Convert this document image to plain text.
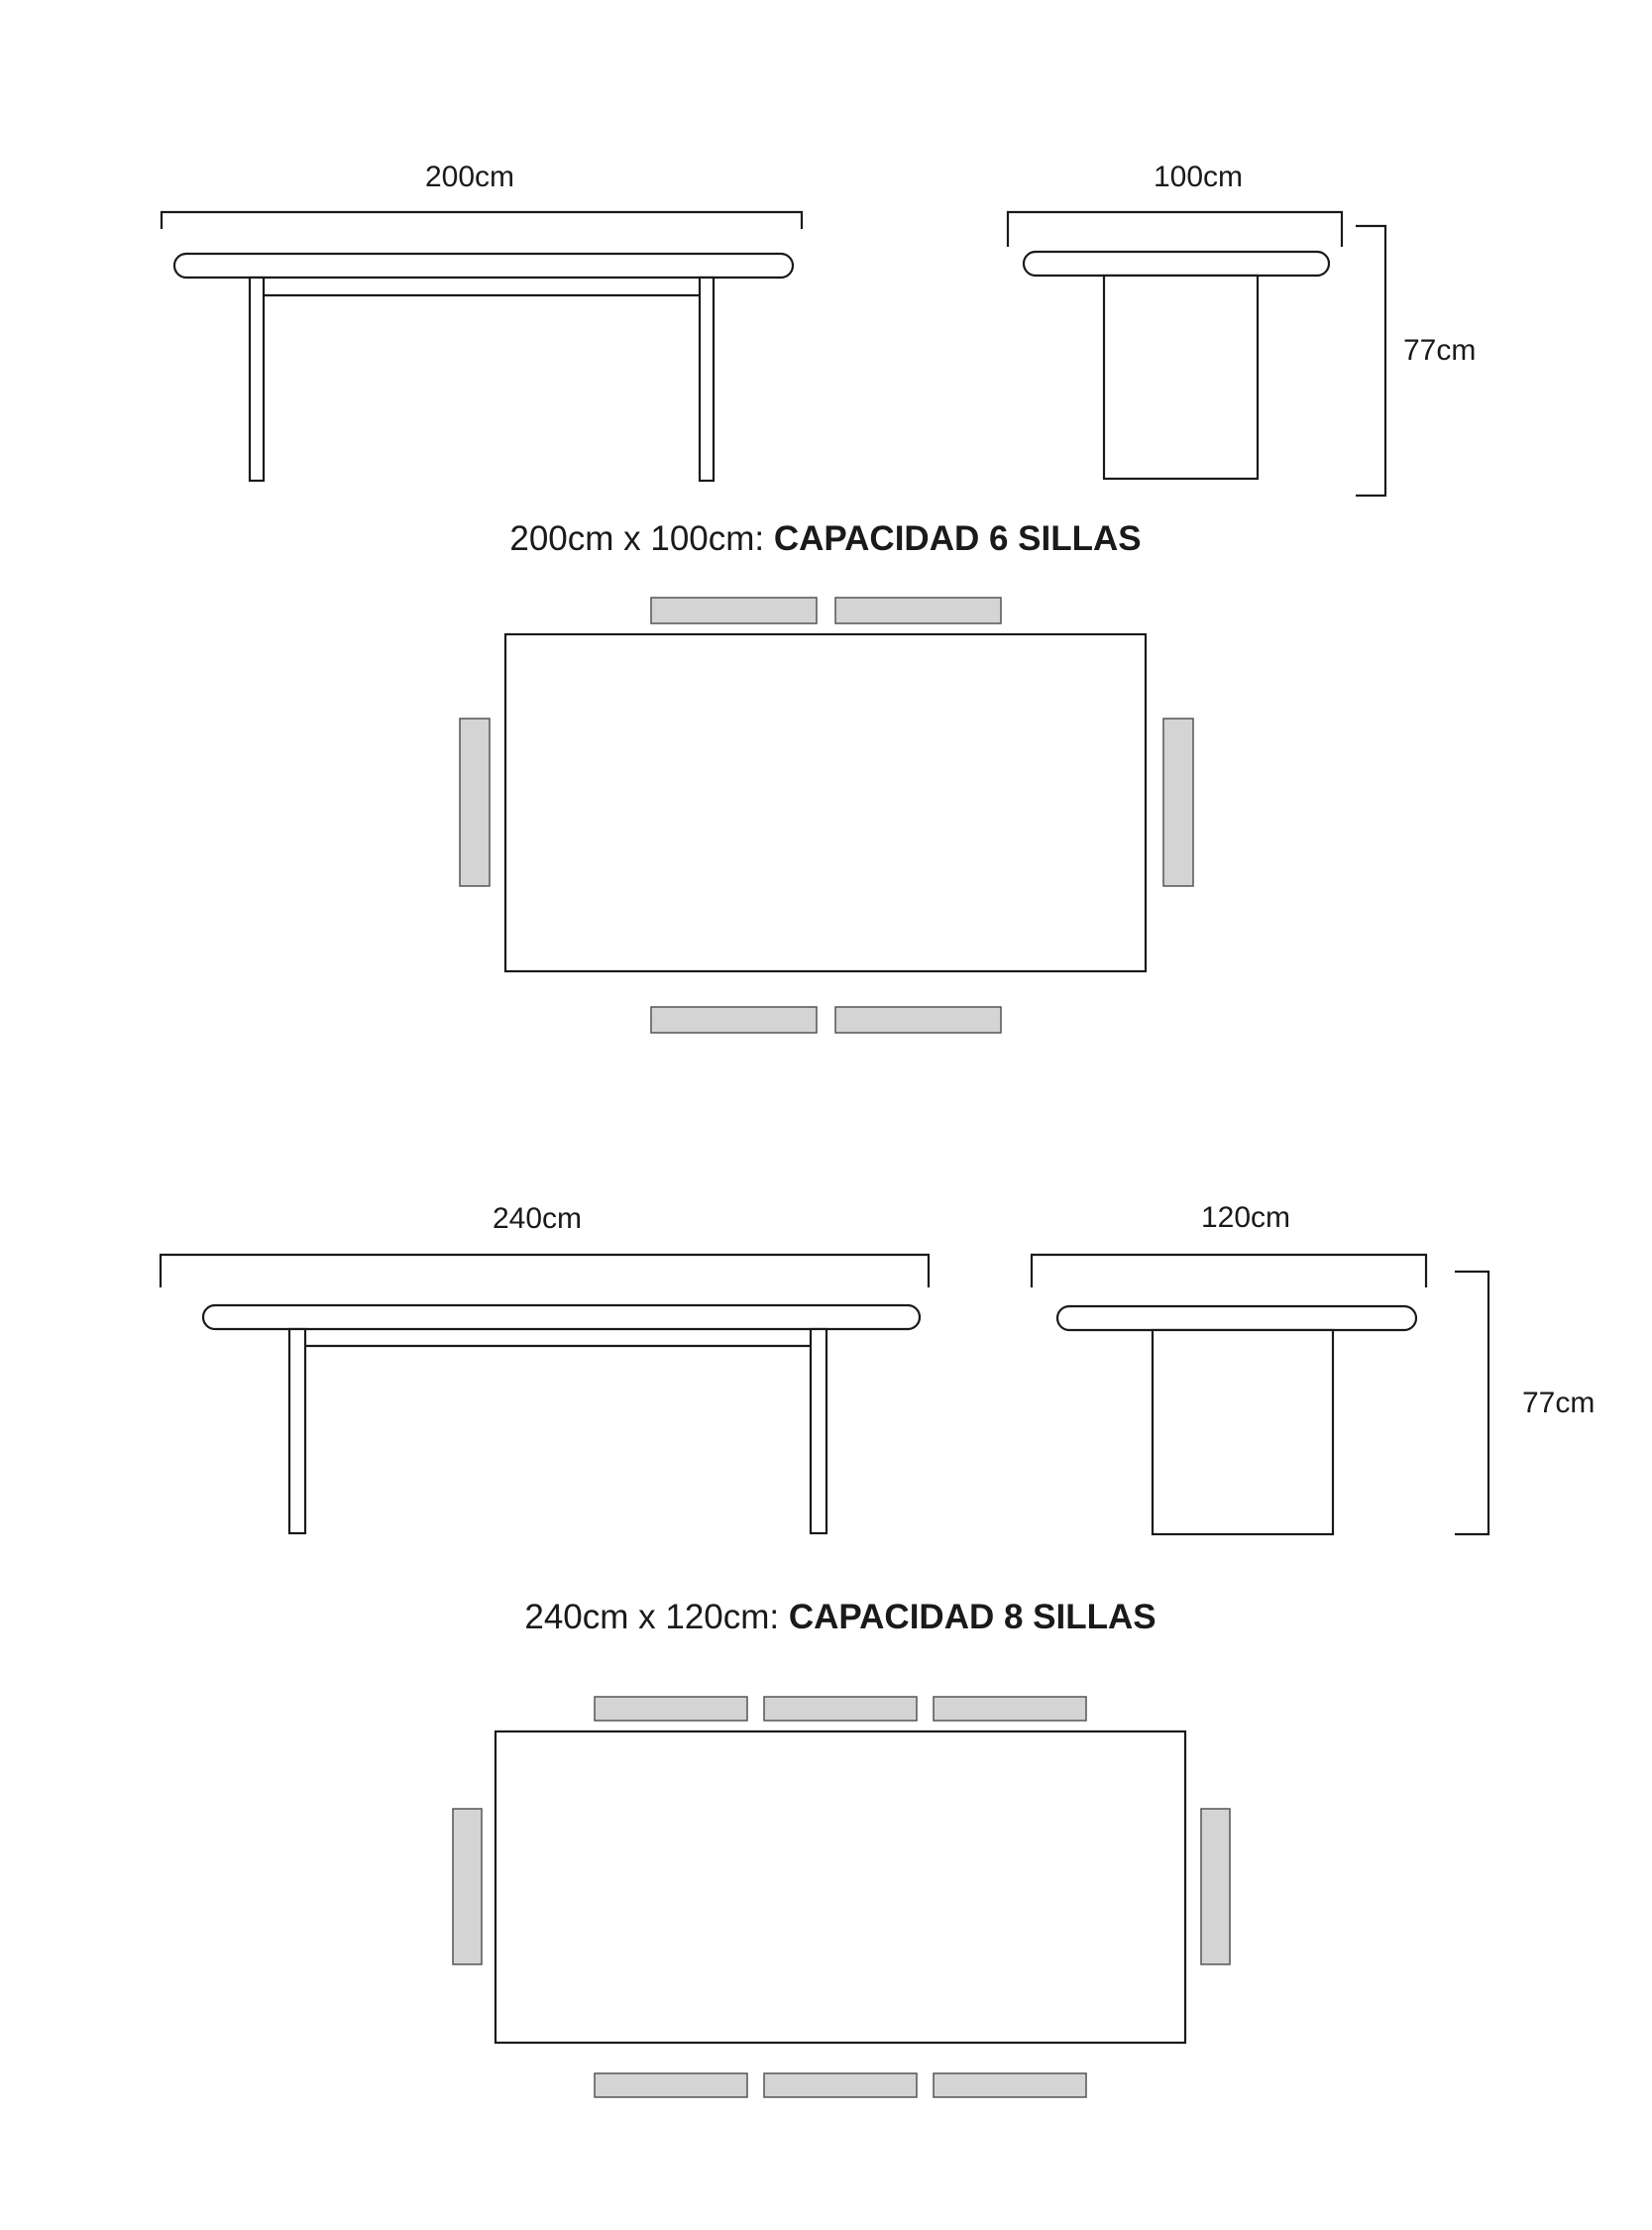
200cm	100cm
77cm
200cm x 100cm: CAPACIDAD 6 SILLAS
240cm	120cm
77cm
240cm x 120cm: CAPACIDAD 8 SILLAS
